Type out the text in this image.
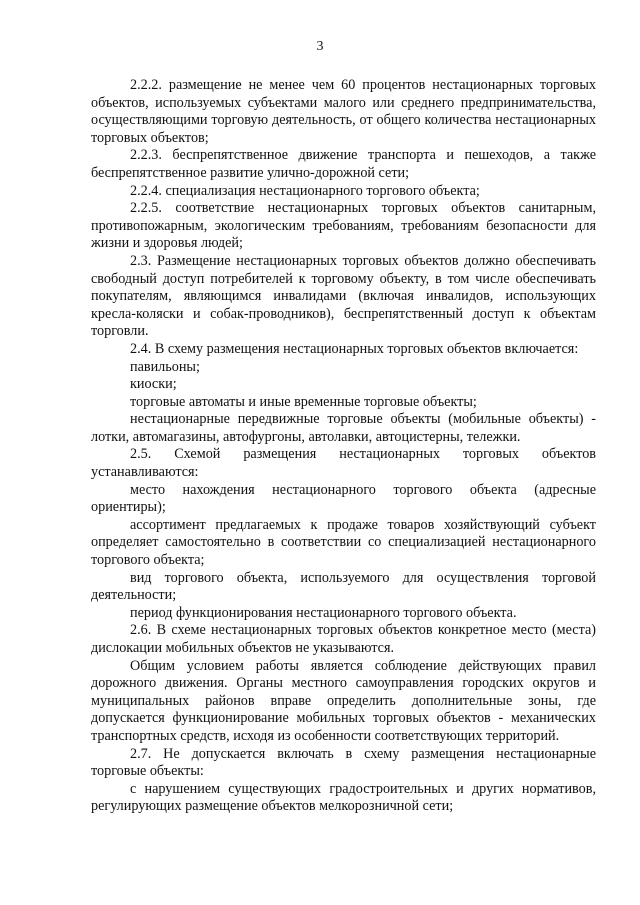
3

2.2.2. размещение не менее чем 60 процентов нестационарных торговых объектов, используемых субъектами малого или среднего предпринимательства, осуществляющими торговую деятельность, от общего количества нестационарных торговых объектов;

2.2.3. беспрепятственное движение транспорта и пешеходов, а также беспрепятственное развитие улично-дорожной сети;

2.2.4. специализация нестационарного торгового объекта;

2.2.5. соответствие нестационарных торговых объектов санитарным, противопожарным, экологическим требованиям, требованиям безопасности для жизни и здоровья людей;

2.3. Размещение нестационарных торговых объектов должно обеспечивать свободный доступ потребителей к торговому объекту, в том числе обеспечивать покупателям, являющимся инвалидами (включая инвалидов, использующих кресла-коляски и собак-проводников), беспрепятственный доступ к объектам торговли.

2.4. В схему размещения нестационарных торговых объектов включается:

павильоны;

киоски;

торговые автоматы и иные временные торговые объекты;

нестационарные передвижные торговые объекты (мобильные объекты) - лотки, автомагазины, автофургоны, автолавки, автоцистерны, тележки.

2.5. Схемой размещения нестационарных торговых объектов устанавливаются:

место нахождения нестационарного торгового объекта (адресные ориентиры);

ассортимент предлагаемых к продаже товаров хозяйствующий субъект определяет самостоятельно в соответствии со специализацией нестационарного торгового объекта;

вид торгового объекта, используемого для осуществления торговой деятельности;

период функционирования нестационарного торгового объекта.

2.6. В схеме нестационарных торговых объектов конкретное место (места) дислокации мобильных объектов не указываются.

Общим условием работы является соблюдение действующих правил дорожного движения. Органы местного самоуправления городских округов и муниципальных районов вправе определить дополнительные зоны, где допускается функционирование мобильных торговых объектов - механических транспортных средств, исходя из особенности соответствующих территорий.

2.7. Не допускается включать в схему размещения нестационарные торговые объекты:

с нарушением существующих градостроительных и других нормативов, регулирующих размещение объектов мелкорозничной сети;
